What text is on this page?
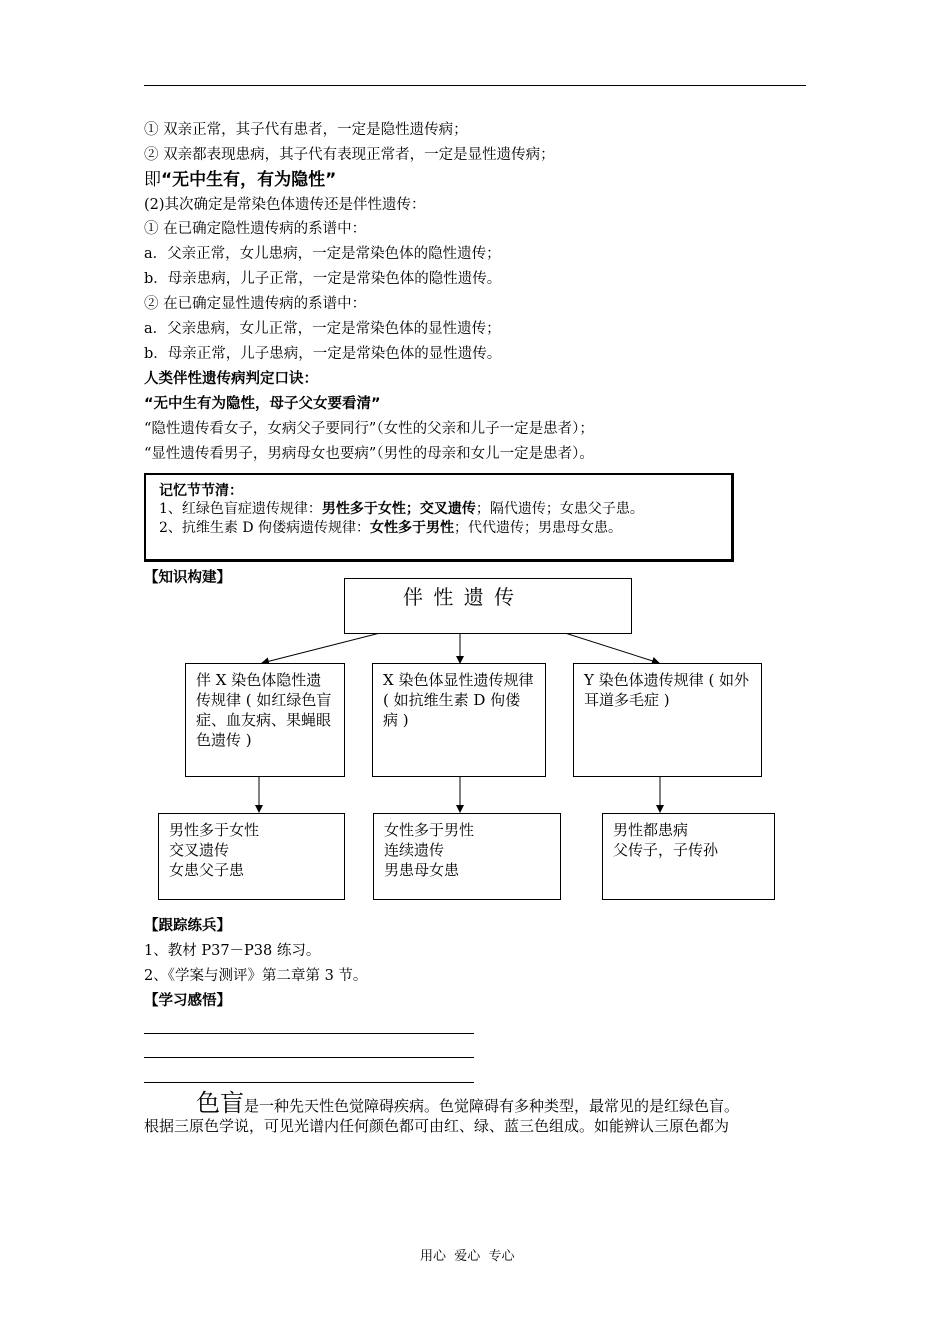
① 双亲正常，其子代有患者，一定是隐性遗传病；
② 双亲都表现患病，其子代有表现正常者，一定是显性遗传病；
即“无中生有，有为隐性”
(2)其次确定是常染色体遗传还是伴性遗传：
① 在已确定隐性遗传病的系谱中：
a．父亲正常，女儿患病，一定是常染色体的隐性遗传；
b．母亲患病，儿子正常，一定是常染色体的隐性遗传。
② 在已确定显性遗传病的系谱中：
a．父亲患病，女儿正常，一定是常染色体的显性遗传；
b．母亲正常，儿子患病，一定是常染色体的显性遗传。
人类伴性遗传病判定口诀：
“无中生有为隐性，母子父女要看清”
“隐性遗传看女子，女病父子要同行”（女性的父亲和儿子一定是患者）；
“显性遗传看男子，男病母女也要病”（男性的母亲和女儿一定是患者）。
记忆节节清：
1、红绿色盲症遗传规律：男性多于女性；交叉遗传；隔代遗传；女患父子患。
2、抗维生素 D 佝偻病遗传规律：女性多于男性；代代遗传；男患母女患。
【知识构建】
伴 性 遗 传
伴 X 染色体隐性遗传规律 ( 如红绿色盲症、血友病、果蝇眼色遗传 )
X 染色体显性遗传规律 ( 如抗维生素 D 佝偻病 )
Y 染色体遗传规律 ( 如外耳道多毛症 )
男性多于女性
交叉遗传
女患父子患
女性多于男性
连续遗传
男患母女患
男性都患病
父传子，子传孙
【跟踪练兵】
1、教材 P37－P38 练习。
2、《学案与测评》第二章第 3 节。
【学习感悟】
色盲是一种先天性色觉障碍疾病。色觉障碍有多种类型，最常见的是红绿色盲。
根据三原色学说，可见光谱内任何颜色都可由红、绿、蓝三色组成。如能辨认三原色都为
用心  爱心  专心
